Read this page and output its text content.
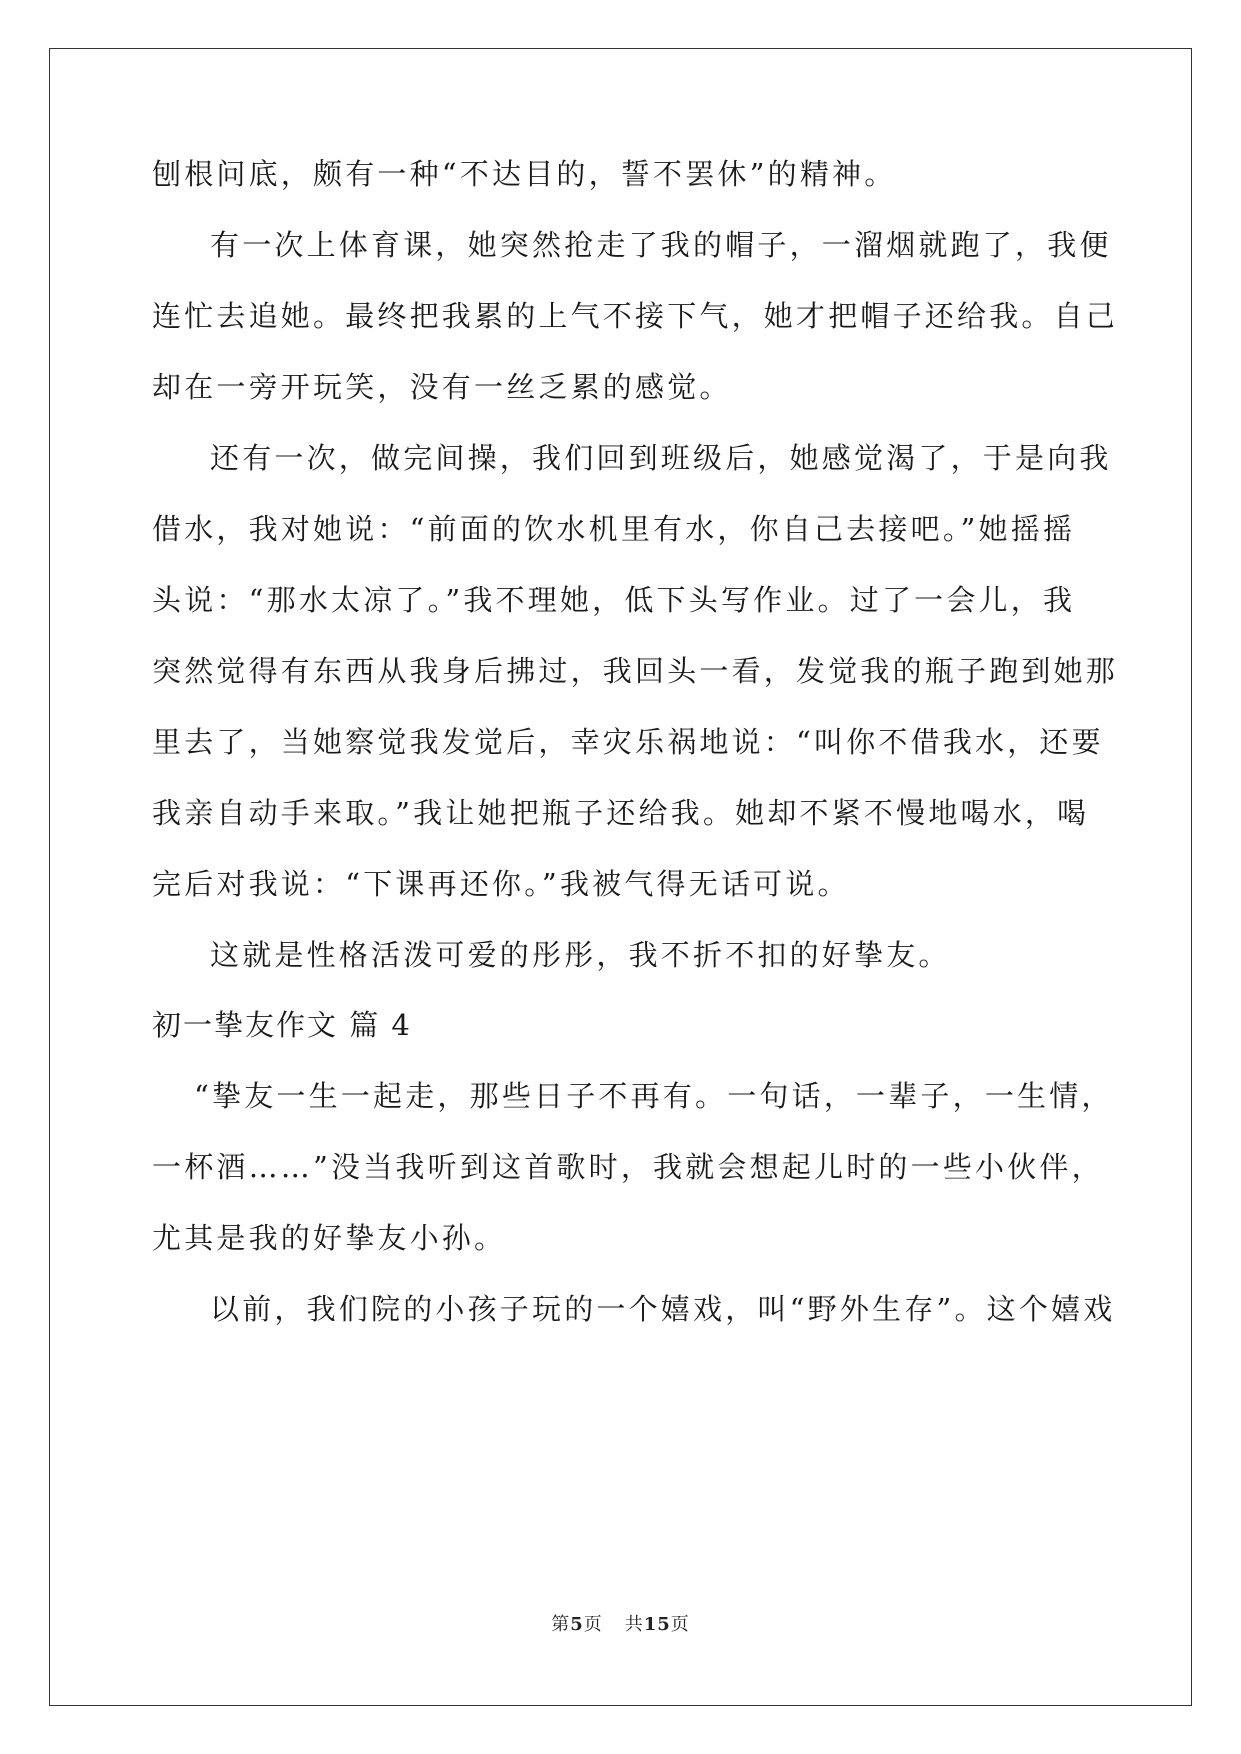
刨根问底，颇有一种“不达目的，誓不罢休”的精神。
有一次上体育课，她突然抢走了我的帽子，一溜烟就跑了，我便
连忙去追她。最终把我累的上气不接下气，她才把帽子还给我。自己
却在一旁开玩笑，没有一丝乏累的感觉。
还有一次，做完间操，我们回到班级后，她感觉渴了，于是向我
借水，我对她说：“前面的饮水机里有水，你自己去接吧。”她摇摇
头说：“那水太凉了。”我不理她，低下头写作业。过了一会儿，我
突然觉得有东西从我身后拂过，我回头一看，发觉我的瓶子跑到她那
里去了，当她察觉我发觉后，幸灾乐祸地说：“叫你不借我水，还要
我亲自动手来取。”我让她把瓶子还给我。她却不紧不慢地喝水，喝
完后对我说：“下课再还你。”我被气得无话可说。
这就是性格活泼可爱的彤彤，我不折不扣的好挚友。
初一挚友作文 篇 4
“挚友一生一起走，那些日子不再有。一句话，一辈子，一生情，
一杯酒……”没当我听到这首歌时，我就会想起儿时的一些小伙伴，
尤其是我的好挚友小孙。
以前，我们院的小孩子玩的一个嬉戏，叫“野外生存”。这个嬉戏
第5页 共15页
